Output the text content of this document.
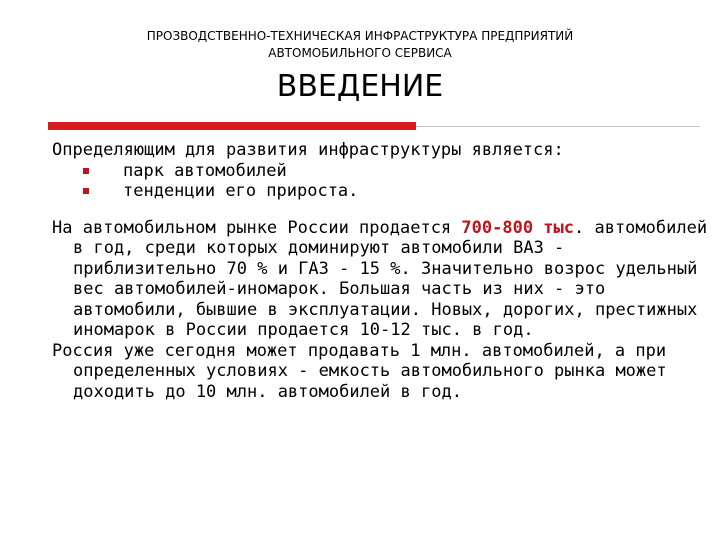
ПРОЗВОДСТВЕННО-ТЕХНИЧЕСКАЯ ИНФРАСТРУКТУРА ПРЕДПРИЯТИЙ
АВТОМОБИЛЬНОГО СЕРВИСА
ВВЕДЕНИЕ

Определяющим для развития инфраструктуры является:

парк автомобилей
тенденции его прироста.

На автомобильном рынке России продается 700-800 тыс. автомобилей в год, среди которых доминируют автомобили ВАЗ - приблизительно 70 % и ГАЗ - 15 %. Значительно возрос удельный вес автомобилей-иномарок. Большая часть из них - это автомобили, бывшие в эксплуатации. Новых, дорогих, престижных иномарок в России продается 10-12 тыс. в год.

Россия уже сегодня может продавать 1 млн. автомобилей, а при определенных условиях - емкость автомобильного рынка может доходить до 10 млн. автомобилей в год.
